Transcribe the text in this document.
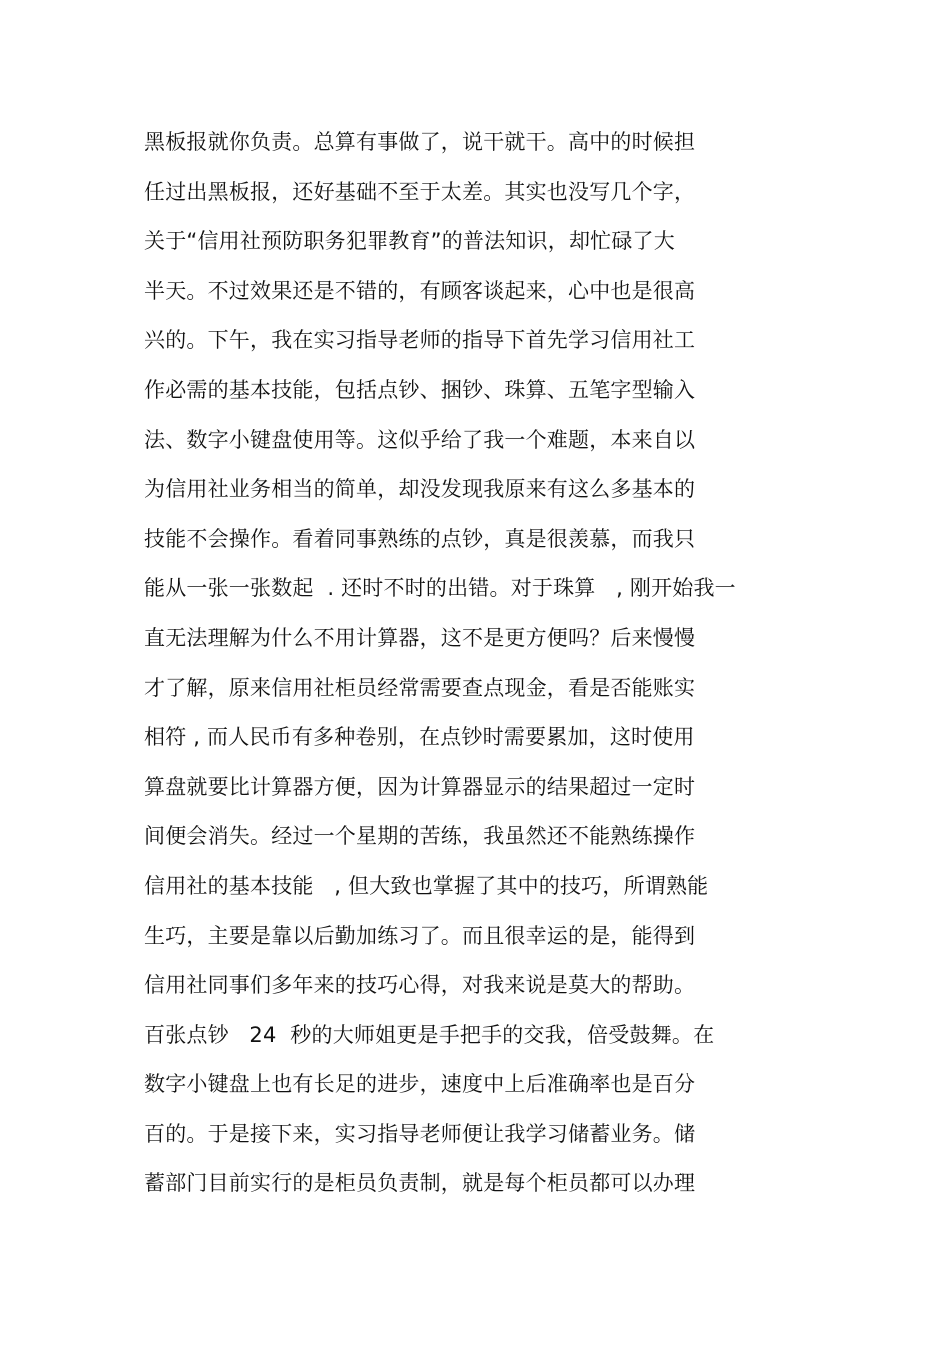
黑板报就你负责。总算有事做了，说干就干。高中的时候担
任过出黑板报，还好基础不至于太差。其实也没写几个字，
关于“信用社预防职务犯罪教育”的普法知识，却忙碌了大
半天。不过效果还是不错的，有顾客谈起来，心中也是很高
兴的。下午，我在实习指导老师的指导下首先学习信用社工
作必需的基本技能，包括点钞、捆钞、珠算、五笔字型输入
法、数字小键盘使用等。这似乎给了我一个难题，本来自以
为信用社业务相当的简单，却没发现我原来有这么多基本的
技能不会操作。看着同事熟练的点钞，真是很羡慕，而我只
能从一张一张数起  . 还时不时的出错。对于珠算   , 刚开始我一
直无法理解为什么不用计算器，这不是更方便吗？后来慢慢
才了解，原来信用社柜员经常需要查点现金，看是否能账实
相符 , 而人民币有多种卷别，在点钞时需要累加，这时使用
算盘就要比计算器方便，因为计算器显示的结果超过一定时
间便会消失。经过一个星期的苦练，我虽然还不能熟练操作
信用社的基本技能   , 但大致也掌握了其中的技巧，所谓熟能
生巧，主要是靠以后勤加练习了。而且很幸运的是，能得到
信用社同事们多年来的技巧心得，对我来说是莫大的帮助。
百张点钞   24  秒的大师姐更是手把手的交我，倍受鼓舞。在
数字小键盘上也有长足的进步，速度中上后准确率也是百分
百的。于是接下来，实习指导老师便让我学习储蓄业务。储
蓄部门目前实行的是柜员负责制，就是每个柜员都可以办理
